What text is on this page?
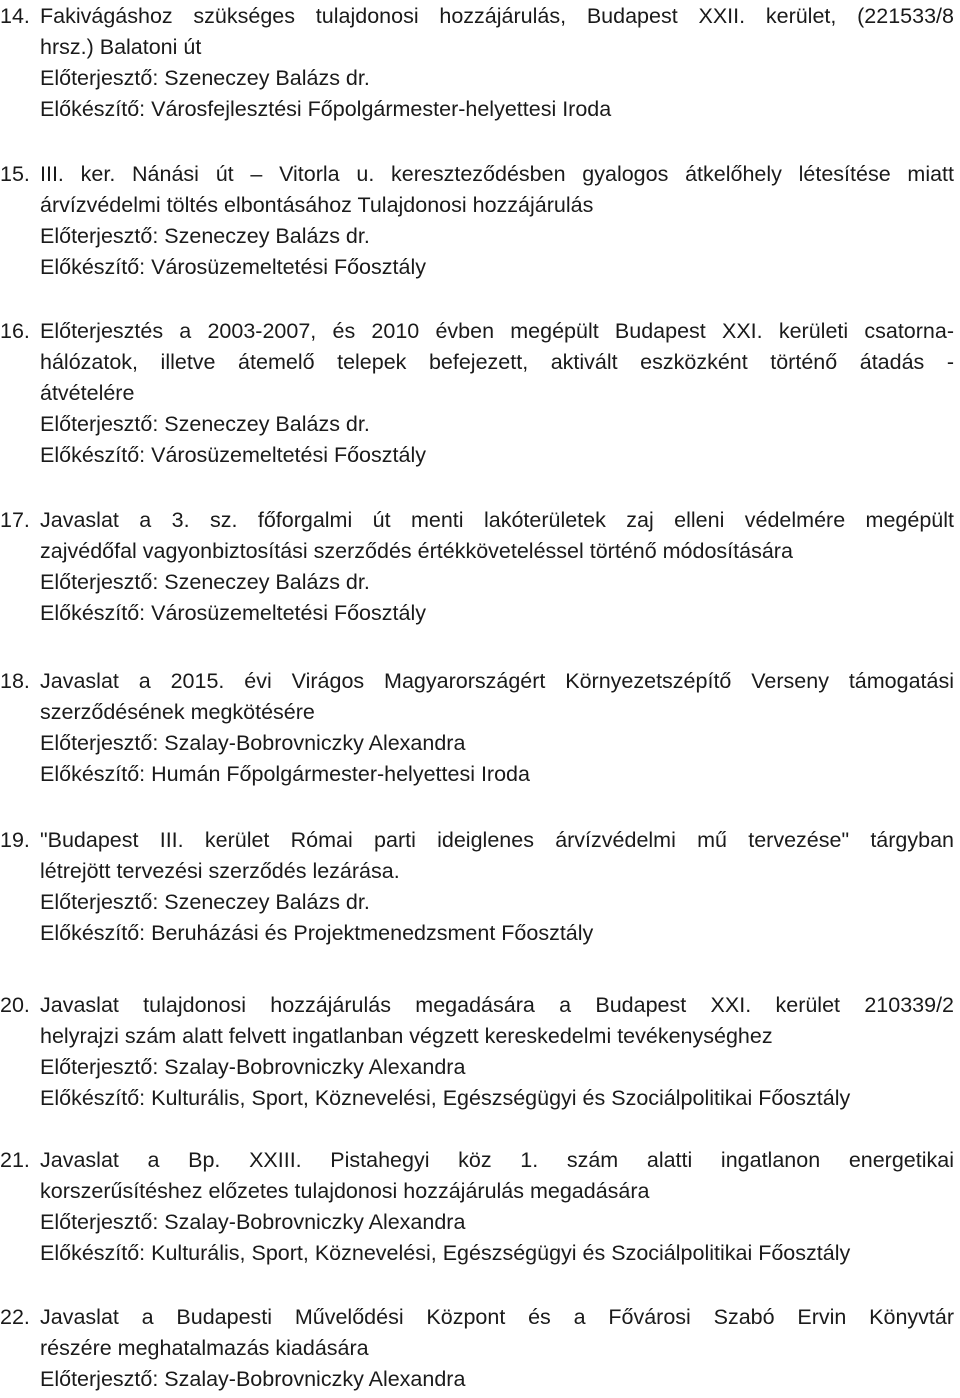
14. Fakivágáshoz szükséges tulajdonosi hozzájárulás, Budapest XXII. kerület, (221533/8
hrsz.) Balatoni út
Előterjesztő: Szeneczey Balázs dr.
Előkészítő: Városfejlesztési Főpolgármester-helyettesi Iroda
15. III. ker. Nánási út – Vitorla u. kereszteződésben gyalogos átkelőhely létesítése miatt
árvízvédelmi töltés elbontásához Tulajdonosi hozzájárulás
Előterjesztő: Szeneczey Balázs dr.
Előkészítő: Városüzemeltetési Főosztály
16. Előterjesztés a 2003-2007, és 2010 évben megépült Budapest XXI. kerületi csatorna-
hálózatok, illetve átemelő telepek befejezett, aktivált eszközként történő átadás -
átvételére
Előterjesztő: Szeneczey Balázs dr.
Előkészítő: Városüzemeltetési Főosztály
17. Javaslat a 3. sz. főforgalmi út menti lakóterületek zaj elleni védelmére megépült
zajvédőfal vagyonbiztosítási szerződés értékköveteléssel történő módosítására
Előterjesztő: Szeneczey Balázs dr.
Előkészítő: Városüzemeltetési Főosztály
18. Javaslat a 2015. évi Virágos Magyarországért Környezetszépítő Verseny támogatási
szerződésének megkötésére
Előterjesztő: Szalay-Bobrovniczky Alexandra
Előkészítő: Humán Főpolgármester-helyettesi Iroda
19. "Budapest III. kerület Római parti ideiglenes árvízvédelmi mű tervezése" tárgyban
létrejött tervezési szerződés lezárása.
Előterjesztő: Szeneczey Balázs dr.
Előkészítő: Beruházási és Projektmenedzsment Főosztály
20. Javaslat tulajdonosi hozzájárulás megadására a Budapest XXI. kerület 210339/2
helyrajzi szám alatt felvett ingatlanban végzett kereskedelmi tevékenységhez
Előterjesztő: Szalay-Bobrovniczky Alexandra
Előkészítő: Kulturális, Sport, Köznevelési, Egészségügyi és Szociálpolitikai Főosztály
21. Javaslat a Bp. XXIII. Pistahegyi köz 1. szám alatti ingatlanon energetikai
korszerűsítéshez előzetes tulajdonosi hozzájárulás megadására
Előterjesztő: Szalay-Bobrovniczky Alexandra
Előkészítő: Kulturális, Sport, Köznevelési, Egészségügyi és Szociálpolitikai Főosztály
22. Javaslat a Budapesti Művelődési Központ és a Fővárosi Szabó Ervin Könyvtár
részére meghatalmazás kiadására
Előterjesztő: Szalay-Bobrovniczky Alexandra
